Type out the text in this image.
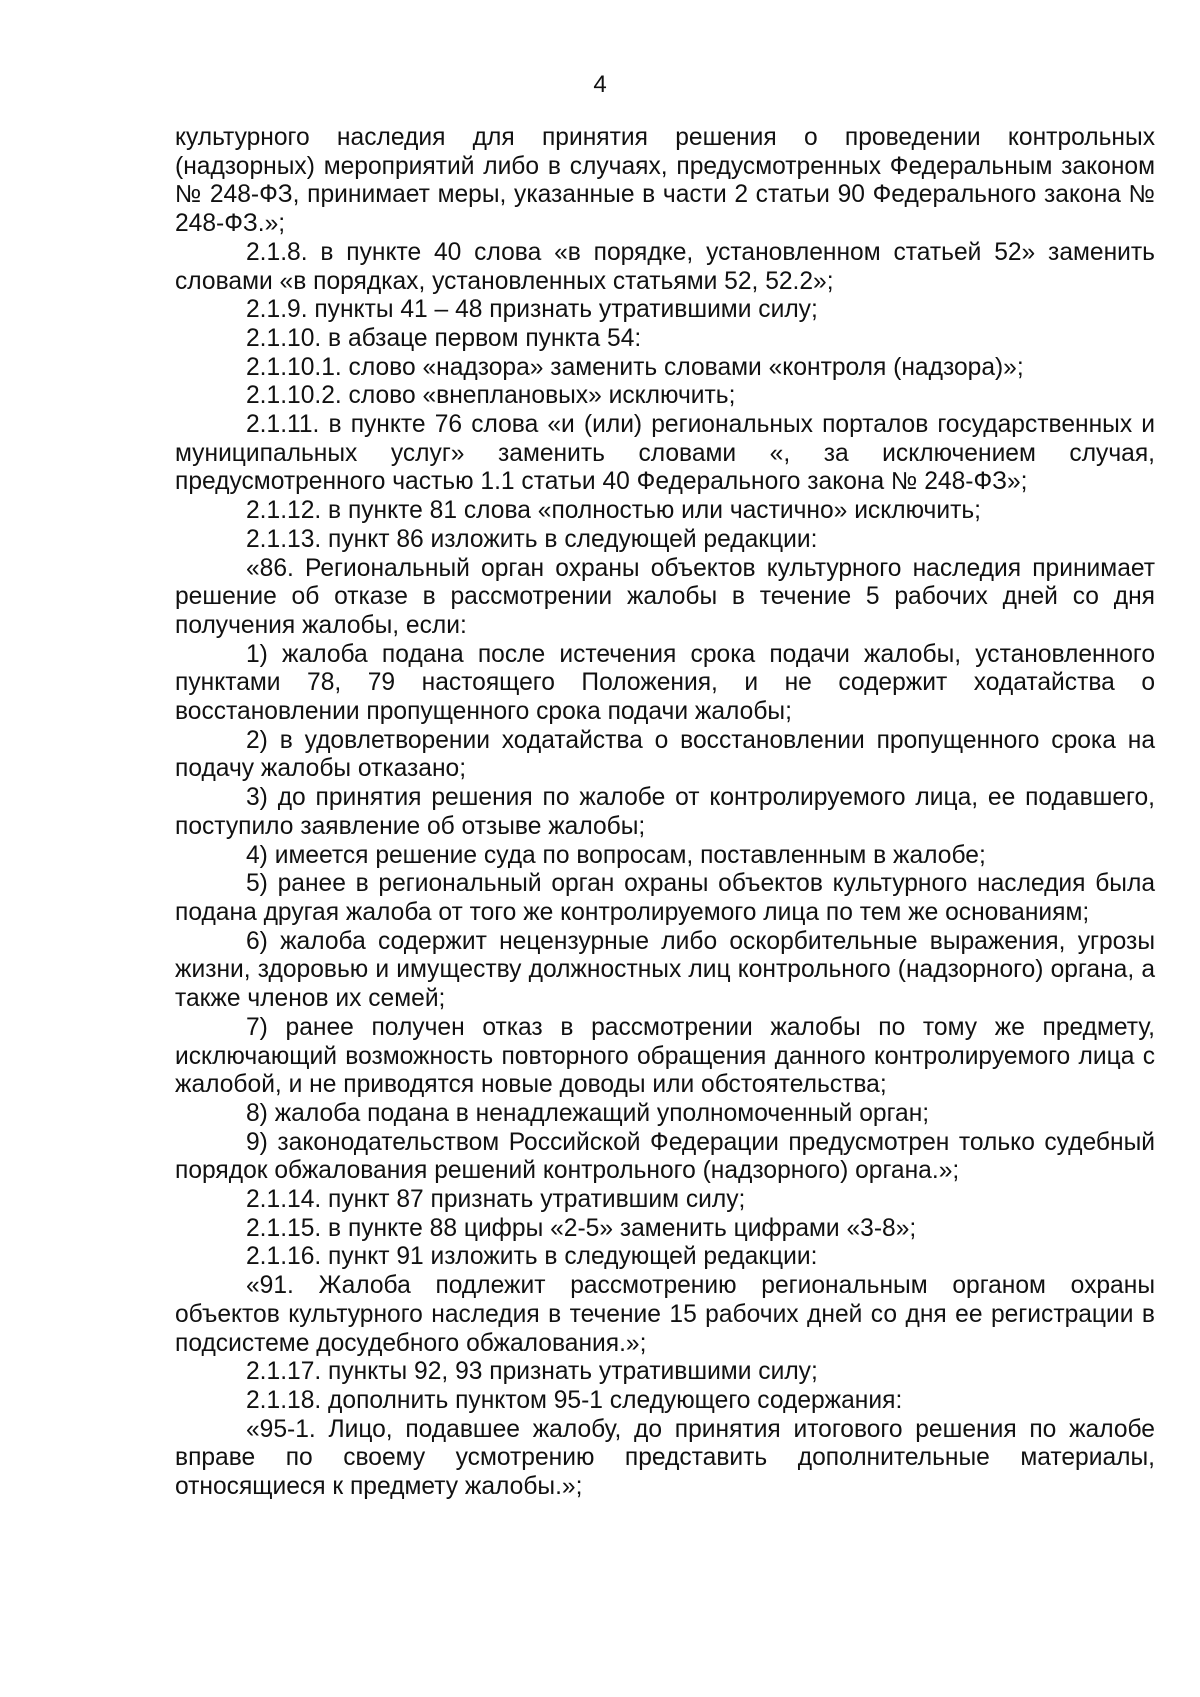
4

культурного наследия для принятия решения о проведении контрольных (надзорных) мероприятий либо в случаях, предусмотренных Федеральным законом № 248-ФЗ, принимает меры, указанные в части 2 статьи 90 Федерального закона № 248-ФЗ.»;

2.1.8. в пункте 40 слова «в порядке, установленном статьей 52» заменить словами «в порядках, установленных статьями 52, 52.2»;

2.1.9. пункты 41 – 48 признать утратившими силу;

2.1.10. в абзаце первом пункта 54:

2.1.10.1. слово «надзора» заменить словами «контроля (надзора)»;

2.1.10.2. слово «внеплановых» исключить;

2.1.11. в пункте 76 слова «и (или) региональных порталов государственных и муниципальных услуг» заменить словами «, за исключением случая, предусмотренного частью 1.1 статьи 40 Федерального закона № 248-ФЗ»;

2.1.12. в пункте 81 слова «полностью или частично» исключить;

2.1.13. пункт 86 изложить в следующей редакции:

«86. Региональный орган охраны объектов культурного наследия принимает решение об отказе в рассмотрении жалобы в течение 5 рабочих дней со дня получения жалобы, если:

1) жалоба подана после истечения срока подачи жалобы, установленного пунктами 78, 79 настоящего Положения, и не содержит ходатайства о восстановлении пропущенного срока подачи жалобы;

2) в удовлетворении ходатайства о восстановлении пропущенного срока на подачу жалобы отказано;

3) до принятия решения по жалобе от контролируемого лица, ее подавшего, поступило заявление об отзыве жалобы;

4) имеется решение суда по вопросам, поставленным в жалобе;

5) ранее в региональный орган охраны объектов культурного наследия была подана другая жалоба от того же контролируемого лица по тем же основаниям;

6) жалоба содержит нецензурные либо оскорбительные выражения, угрозы жизни, здоровью и имуществу должностных лиц контрольного (надзорного) органа, а также членов их семей;

7) ранее получен отказ в рассмотрении жалобы по тому же предмету, исключающий возможность повторного обращения данного контролируемого лица с жалобой, и не приводятся новые доводы или обстоятельства;

8) жалоба подана в ненадлежащий уполномоченный орган;

9) законодательством Российской Федерации предусмотрен только судебный порядок обжалования решений контрольного (надзорного) органа.»;

2.1.14. пункт 87 признать утратившим силу;

2.1.15. в пункте 88 цифры «2-5» заменить цифрами «3-8»;

2.1.16. пункт 91 изложить в следующей редакции:

«91. Жалоба подлежит рассмотрению региональным органом охраны объектов культурного наследия в течение 15 рабочих дней со дня ее регистрации в подсистеме досудебного обжалования.»;

2.1.17. пункты 92, 93 признать утратившими силу;

2.1.18. дополнить пунктом 95-1 следующего содержания:

«95-1. Лицо, подавшее жалобу, до принятия итогового решения по жалобе вправе по своему усмотрению представить дополнительные материалы, относящиеся к предмету жалобы.»;
